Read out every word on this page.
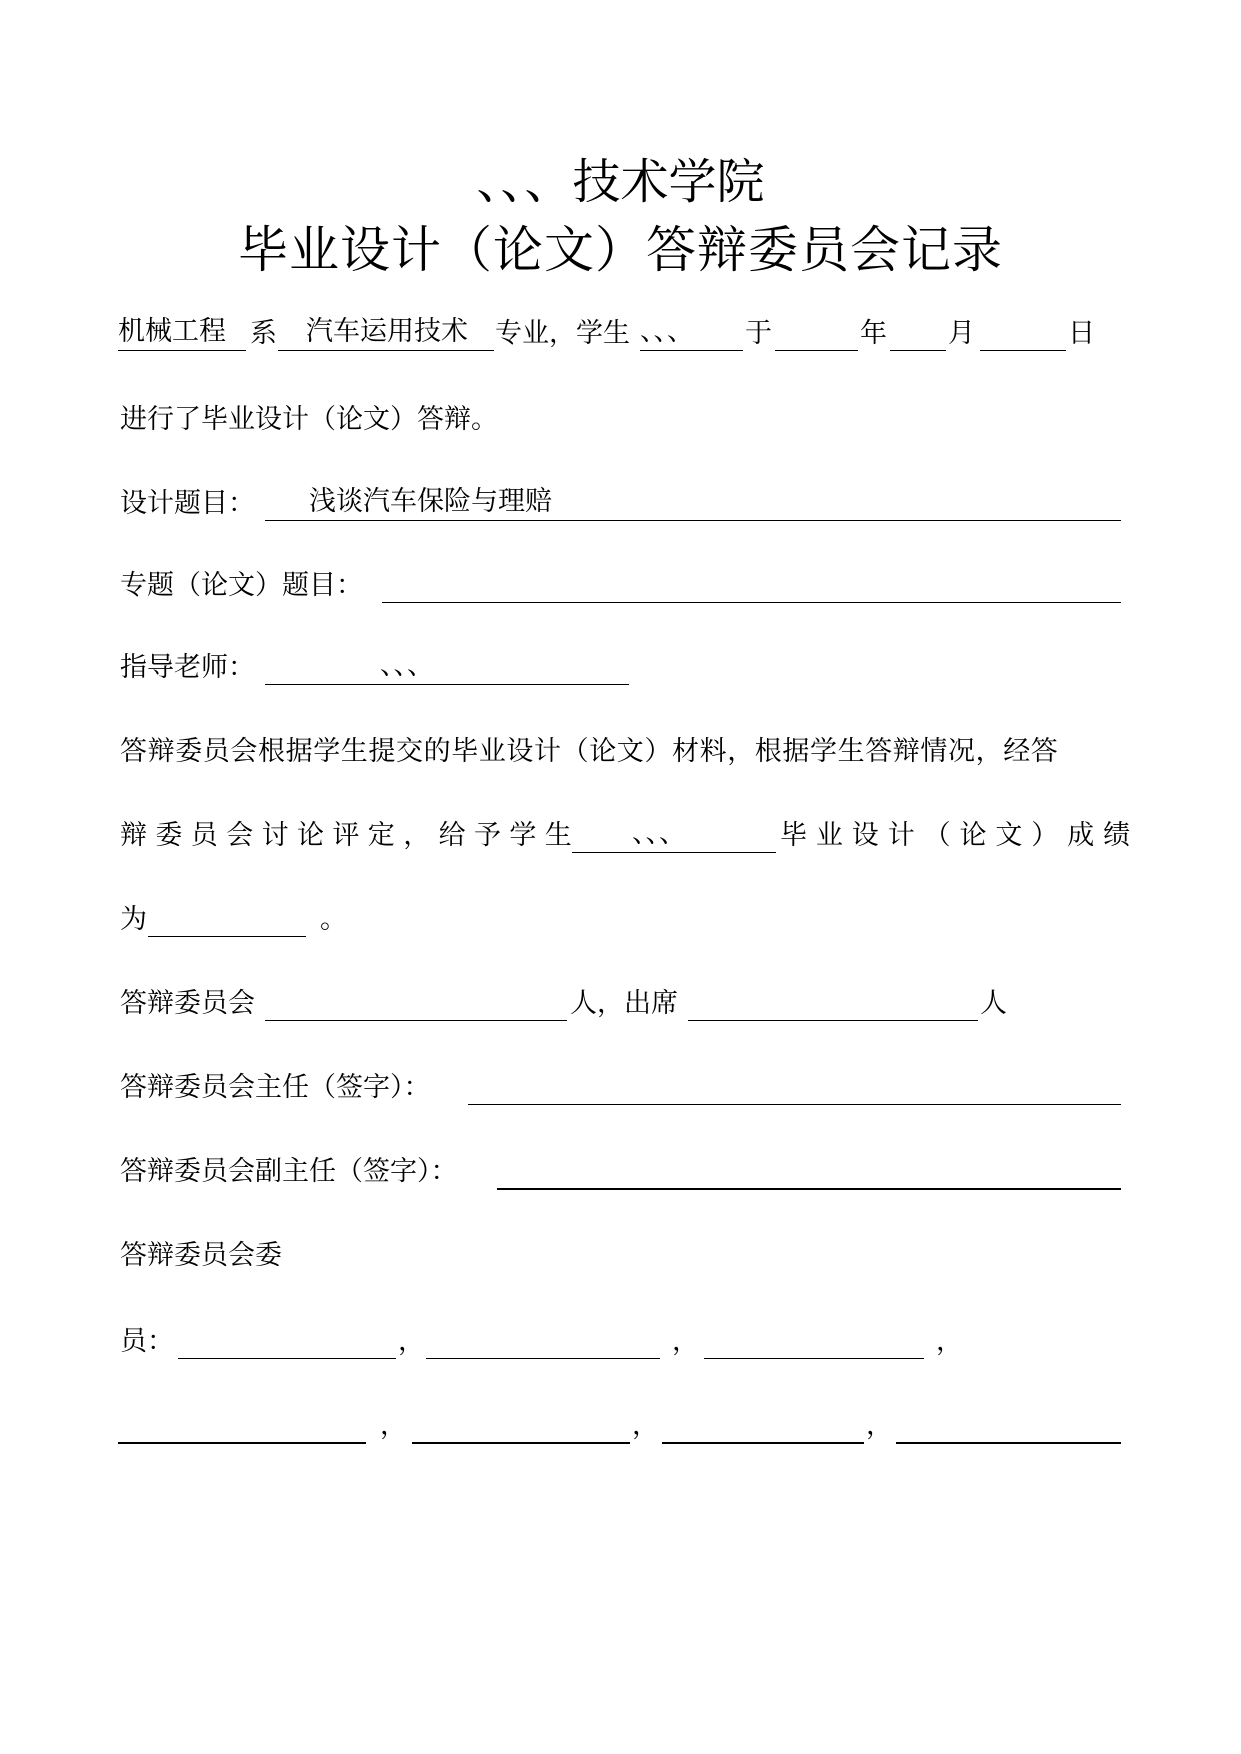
、、、技术学院
毕业设计（论文）答辩委员会记录
机械工程 系	汽车运用技术	专业，学生 、、、	于	年 月	日
进行了毕业设计（论文）答辩。
设计题目：	浅谈汽车保险与理赔
专题（论文）题目：
指导老师：	、、、
答辩委员会根据学生提交的毕业设计（论文）材料，根据学生答辩情况，经答
辩委员会讨论评定，给予学生	、、、	毕业设计（论文）成绩
为	。
答辩委员会	人，出席	人
答辩委员会主任（签字）：
答辩委员会副主任（签字）：
答辩委员会委
员：	，	，	，
，	，	，
